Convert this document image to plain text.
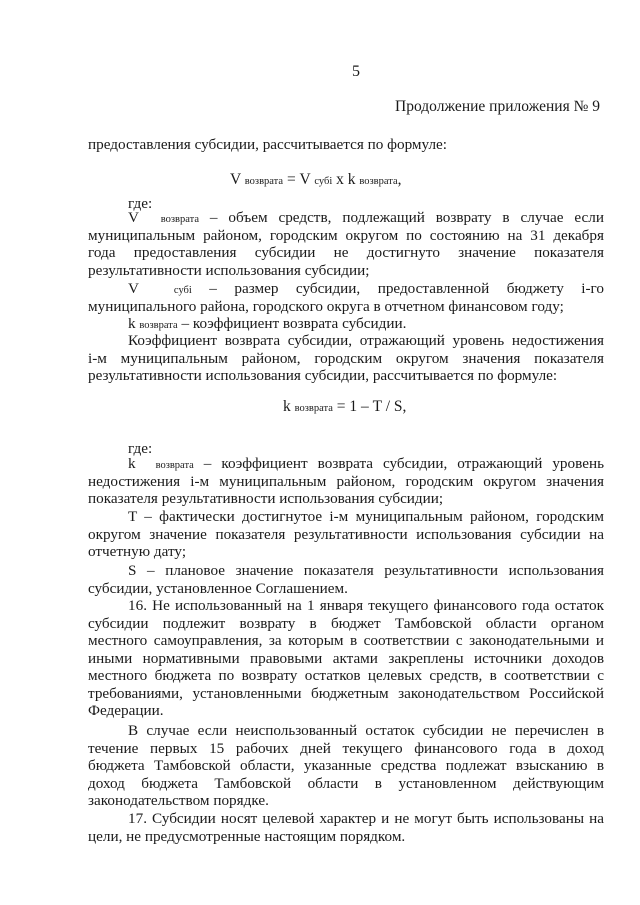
5
Продолжение приложения № 9
предоставления субсидии, рассчитывается по формуле:
V возврата = V субi x k возврата,
где:
V возврата – объем средств, подлежащий возврату в случае если
муниципальным районом, городским округом по состоянию на 31 декабря
года предоставления субсидии не достигнуто значение показателя
результативности использования субсидии;
V	субi – размер субсидии, предоставленной бюджету i-го
муниципального района, городского округа в отчетном финансовом году;
k возврата – коэффициент возврата субсидии.
Коэффициент возврата субсидии, отражающий уровень недостижения
i-м муниципальным районом, городским округом значения показателя
результативности использования субсидии, рассчитывается по формуле:
k возврата = 1 – T / S,
где:
k возврата – коэффициент возврата субсидии, отражающий уровень
недостижения i-м муниципальным районом, городским округом значения
показателя результативности использования субсидии;
T – фактически достигнутое i-м муниципальным районом, городским
округом значение показателя результативности использования субсидии на
отчетную дату;
S – плановое значение показателя результативности использования
субсидии, установленное Соглашением.
16. Не использованный на 1 января текущего финансового года остаток
субсидии подлежит возврату в бюджет Тамбовской области органом
местного самоуправления, за которым в соответствии с законодательными и
иными нормативными правовыми актами закреплены источники доходов
местного бюджета по возврату остатков целевых средств, в соответствии с
требованиями, установленными бюджетным законодательством Российской
Федерации.
В случае если неиспользованный остаток субсидии не перечислен в
течение первых 15 рабочих дней текущего финансового года в доход
бюджета Тамбовской области, указанные средства подлежат взысканию в
доход бюджета Тамбовской области в установленном действующим
законодательством порядке.
17. Субсидии носят целевой характер и не могут быть использованы на
цели, не предусмотренные настоящим порядком.
